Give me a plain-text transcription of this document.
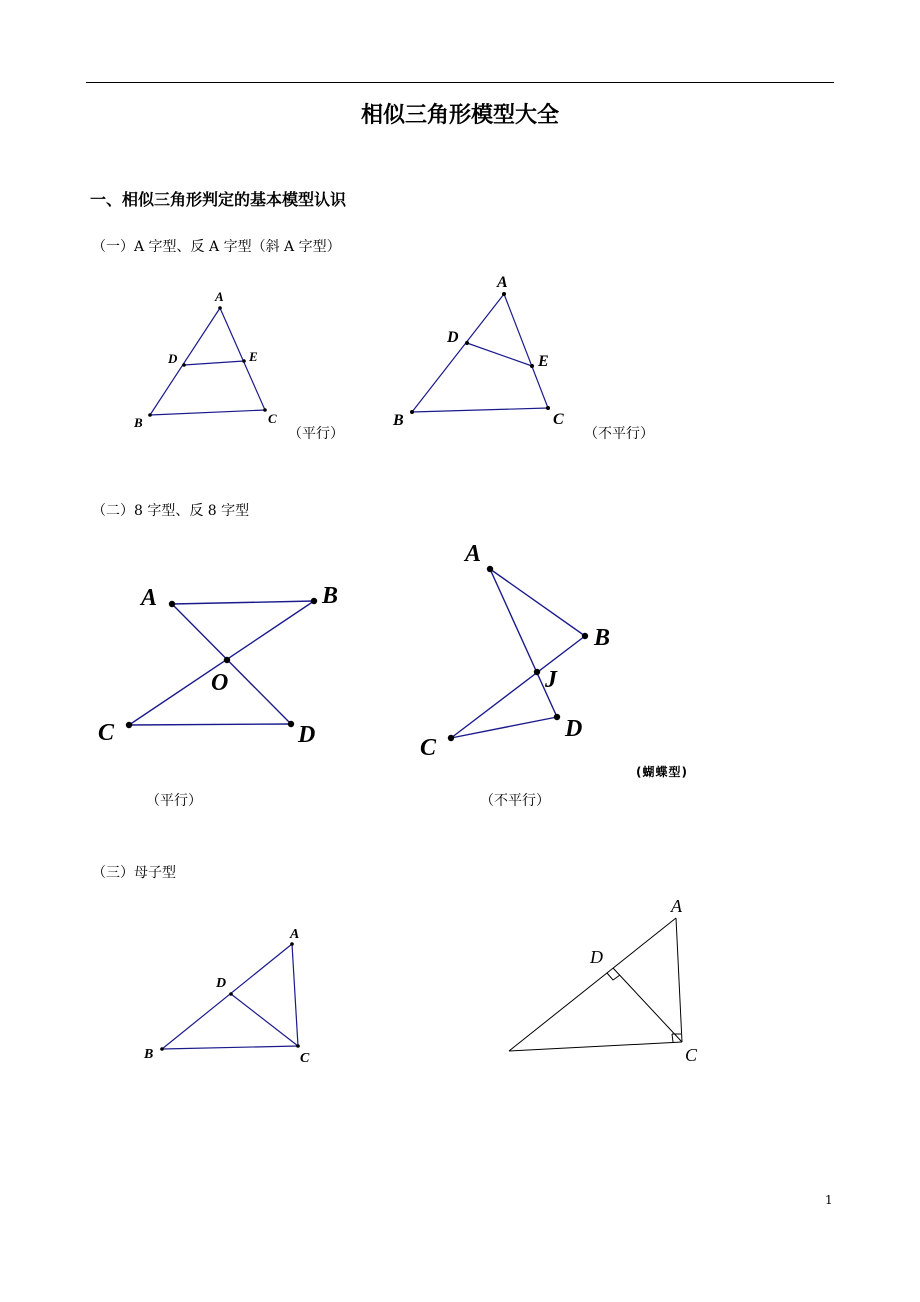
相似三角形模型大全
一、相似三角形判定的基本模型认识
（一）A 字型、反 A 字型（斜 A 字型）
（平行）	（不平行）
（二）8 字型、反 8 字型
(蝴蝶型)
（平行）	（不平行）
（三）母子型
1
A
D	E
B	C
A
D
E
B	C
A	B
O
C	D
A
B
J
C
D
A
D
B	C
A
D
C
